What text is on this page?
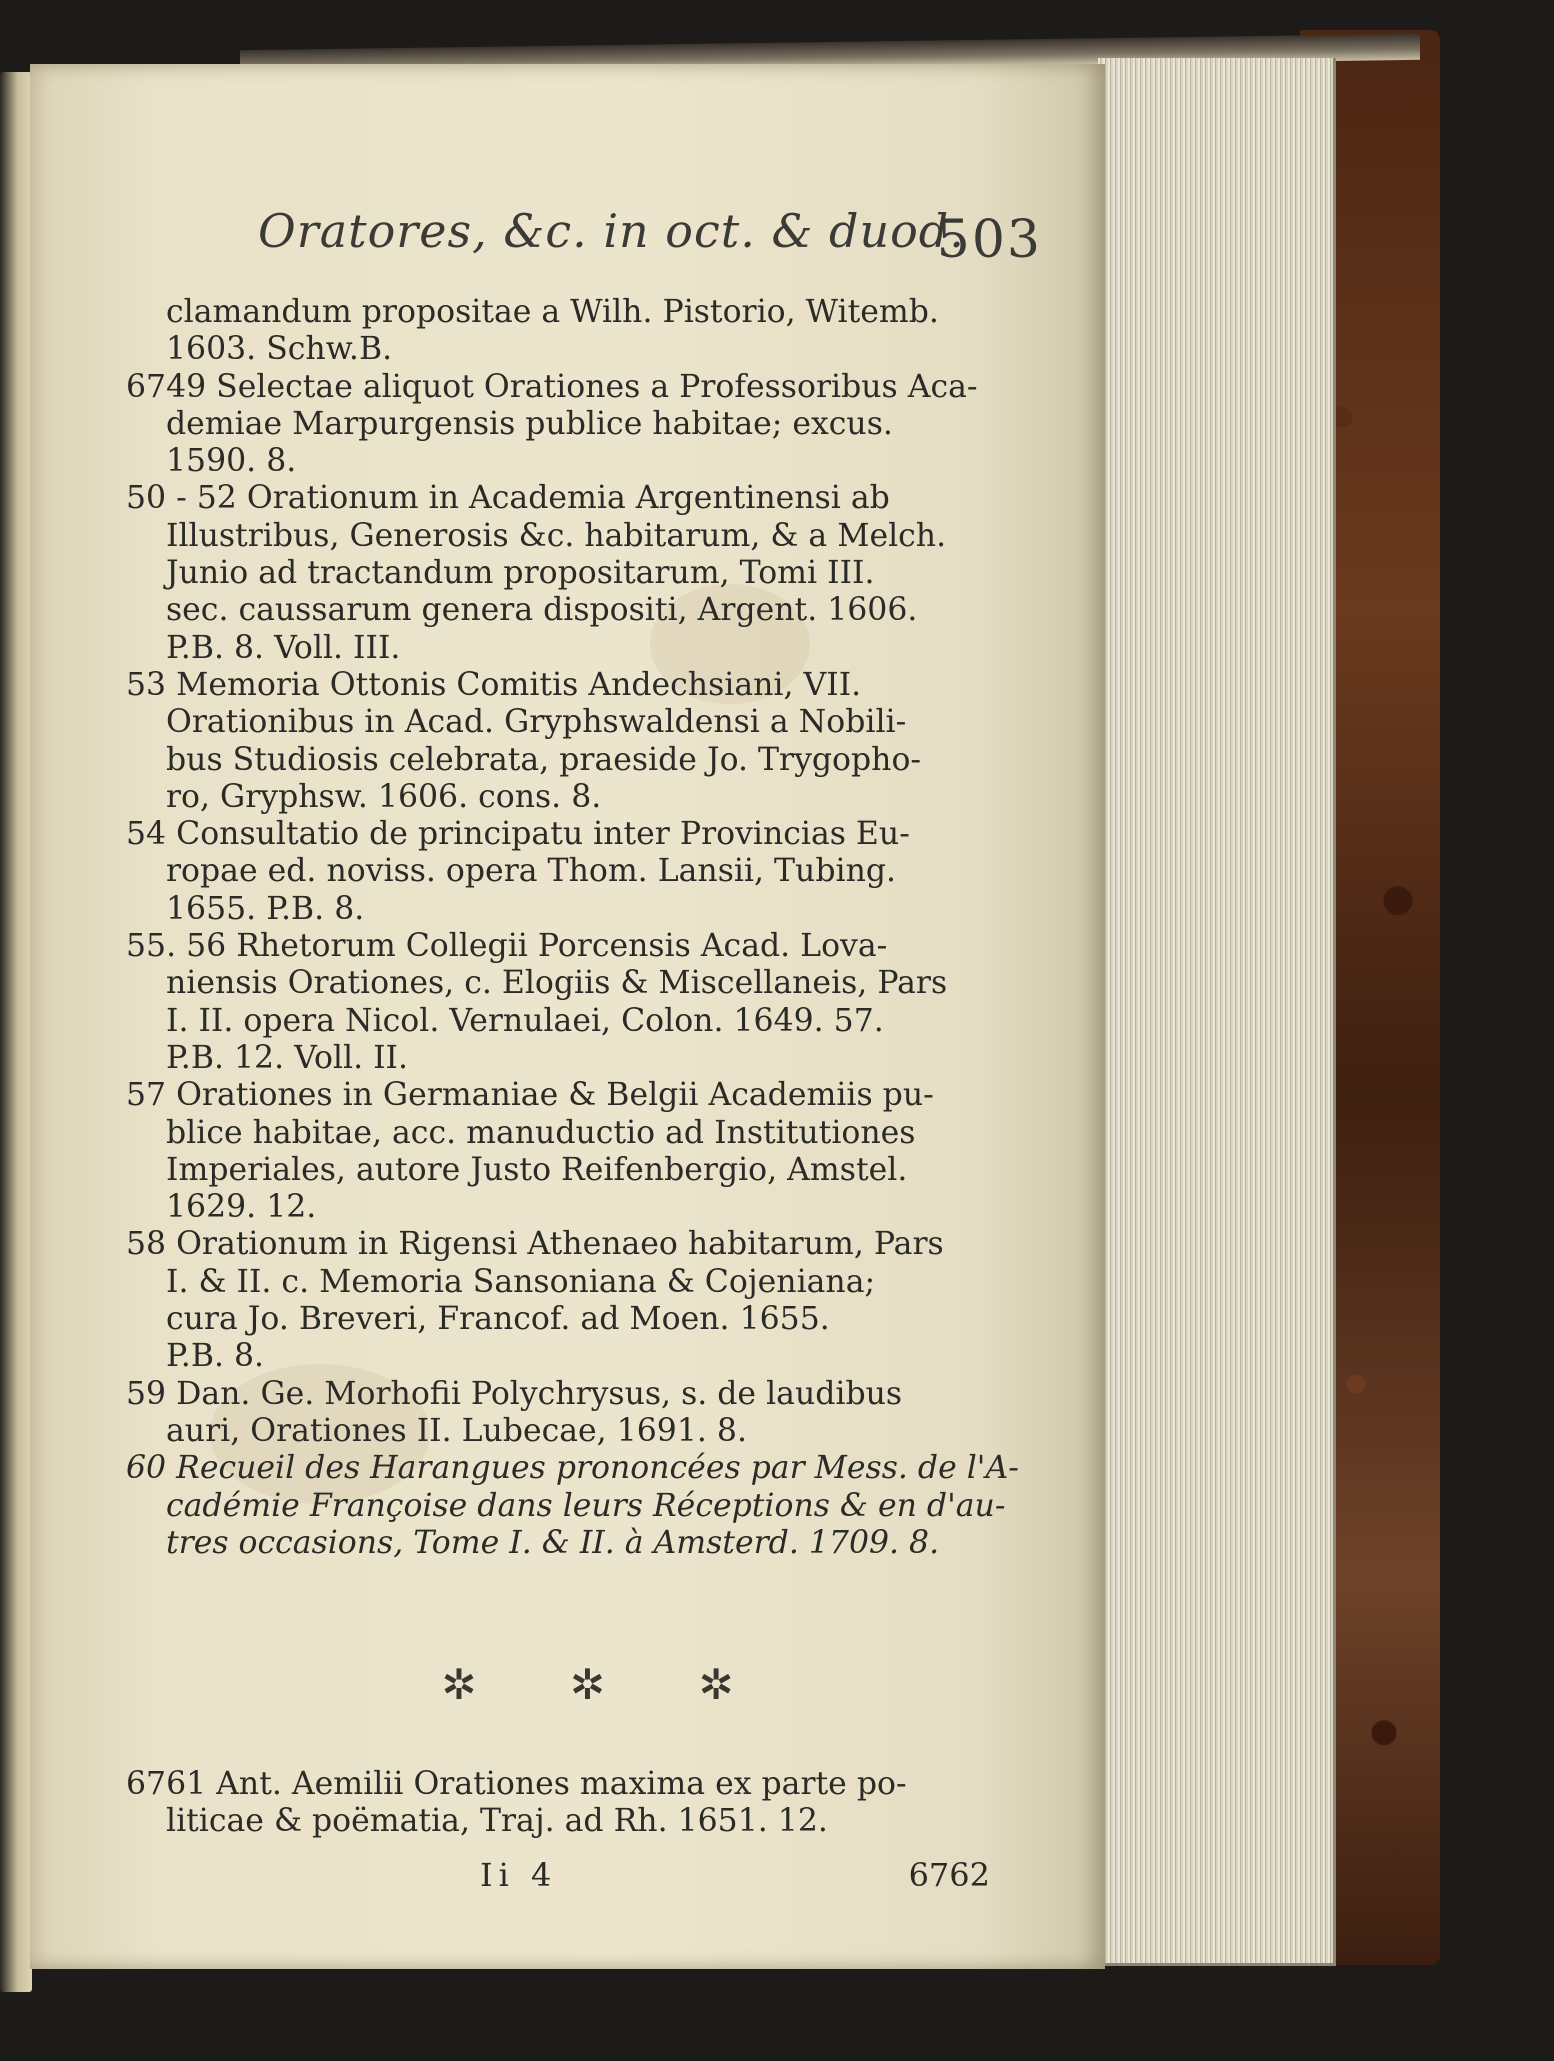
Oratores, &c. in oct. & duod.
503
clamandum propositae a Wilh. Pistorio, Witemb.
1603. Schw.B.
6749 Selectae aliquot Orationes a Professoribus Aca-
demiae Marpurgensis publice habitae; excus.
1590. 8.
50 - 52 Orationum in Academia Argentinensi ab
Illustribus, Generosis &c. habitarum, & a Melch.
Junio ad tractandum propositarum, Tomi III.
sec. caussarum genera dispositi, Argent. 1606.
P.B. 8. Voll. III.
53 Memoria Ottonis Comitis Andechsiani, VII.
Orationibus in Acad. Gryphswaldensi a Nobili-
bus Studiosis celebrata, praeside Jo. Trygopho-
ro, Gryphsw. 1606. cons. 8.
54 Consultatio de principatu inter Provincias Eu-
ropae ed. noviss. opera Thom. Lansii, Tubing.
1655. P.B. 8.
55. 56 Rhetorum Collegii Porcensis Acad. Lova-
niensis Orationes, c. Elogiis & Miscellaneis, Pars
I. II. opera Nicol. Vernulaei, Colon. 1649. 57.
P.B. 12. Voll. II.
57 Orationes in Germaniae & Belgii Academiis pu-
blice habitae, acc. manuductio ad Institutiones
Imperiales, autore Justo Reifenbergio, Amstel.
1629. 12.
58 Orationum in Rigensi Athenaeo habitarum, Pars
I. & II. c. Memoria Sansoniana & Cojeniana;
cura Jo. Breveri, Francof. ad Moen. 1655.
P.B. 8.
59 Dan. Ge. Morhofii Polychrysus, s. de laudibus
auri, Orationes II. Lubecae, 1691. 8.
60 Recueil des Harangues prononcées par Mess. de l'A-
cadémie Françoise dans leurs Réceptions & en d'au-
tres occasions, Tome I. & II. à Amsterd. 1709. 8.
✲ ✲ ✲
6761 Ant. Aemilii Orationes maxima ex parte po-
liticae & poëmatia, Traj. ad Rh. 1651. 12.
Ii 4	6762
